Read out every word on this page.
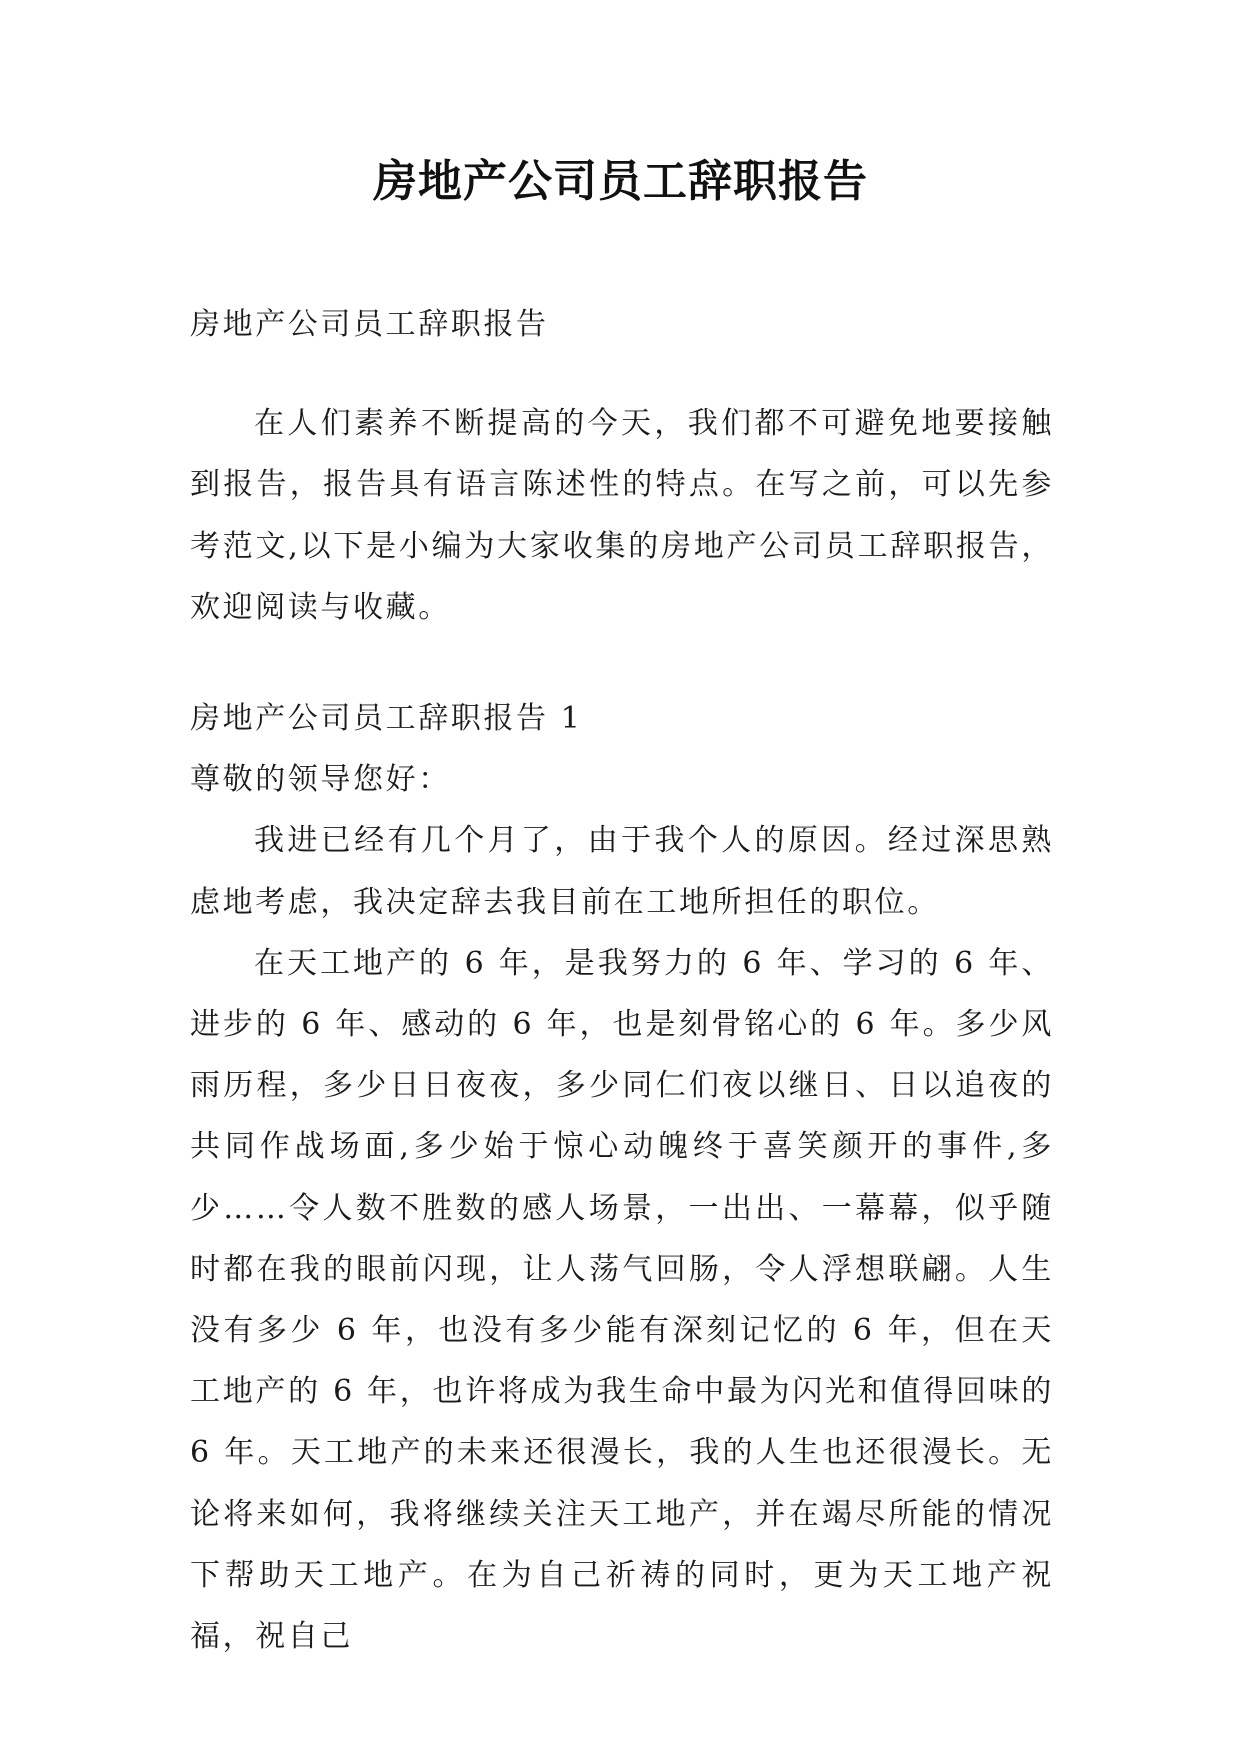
房地产公司员工辞职报告

房地产公司员工辞职报告

在人们素养不断提高的今天，我们都不可避免地要接触到报告，报告具有语言陈述性的特点。在写之前，可以先参考范文,以下是小编为大家收集的房地产公司员工辞职报告，欢迎阅读与收藏。

房地产公司员工辞职报告 1

尊敬的领导您好：

我进已经有几个月了，由于我个人的原因。经过深思熟虑地考虑，我决定辞去我目前在工地所担任的职位。

在天工地产的 6 年，是我努力的 6 年、学习的 6 年、进步的 6 年、感动的 6 年，也是刻骨铭心的 6 年。多少风雨历程，多少日日夜夜，多少同仁们夜以继日、日以追夜的共同作战场面,多少始于惊心动魄终于喜笑颜开的事件,多少……令人数不胜数的感人场景，一出出、一幕幕，似乎随时都在我的眼前闪现，让人荡气回肠，令人浮想联翩。人生没有多少 6 年，也没有多少能有深刻记忆的 6 年，但在天工地产的 6 年，也许将成为我生命中最为闪光和值得回味的 6 年。天工地产的未来还很漫长，我的人生也还很漫长。无论将来如何，我将继续关注天工地产，并在竭尽所能的情况下帮助天工地产。在为自己祈祷的同时，更为天工地产祝福，祝自己
